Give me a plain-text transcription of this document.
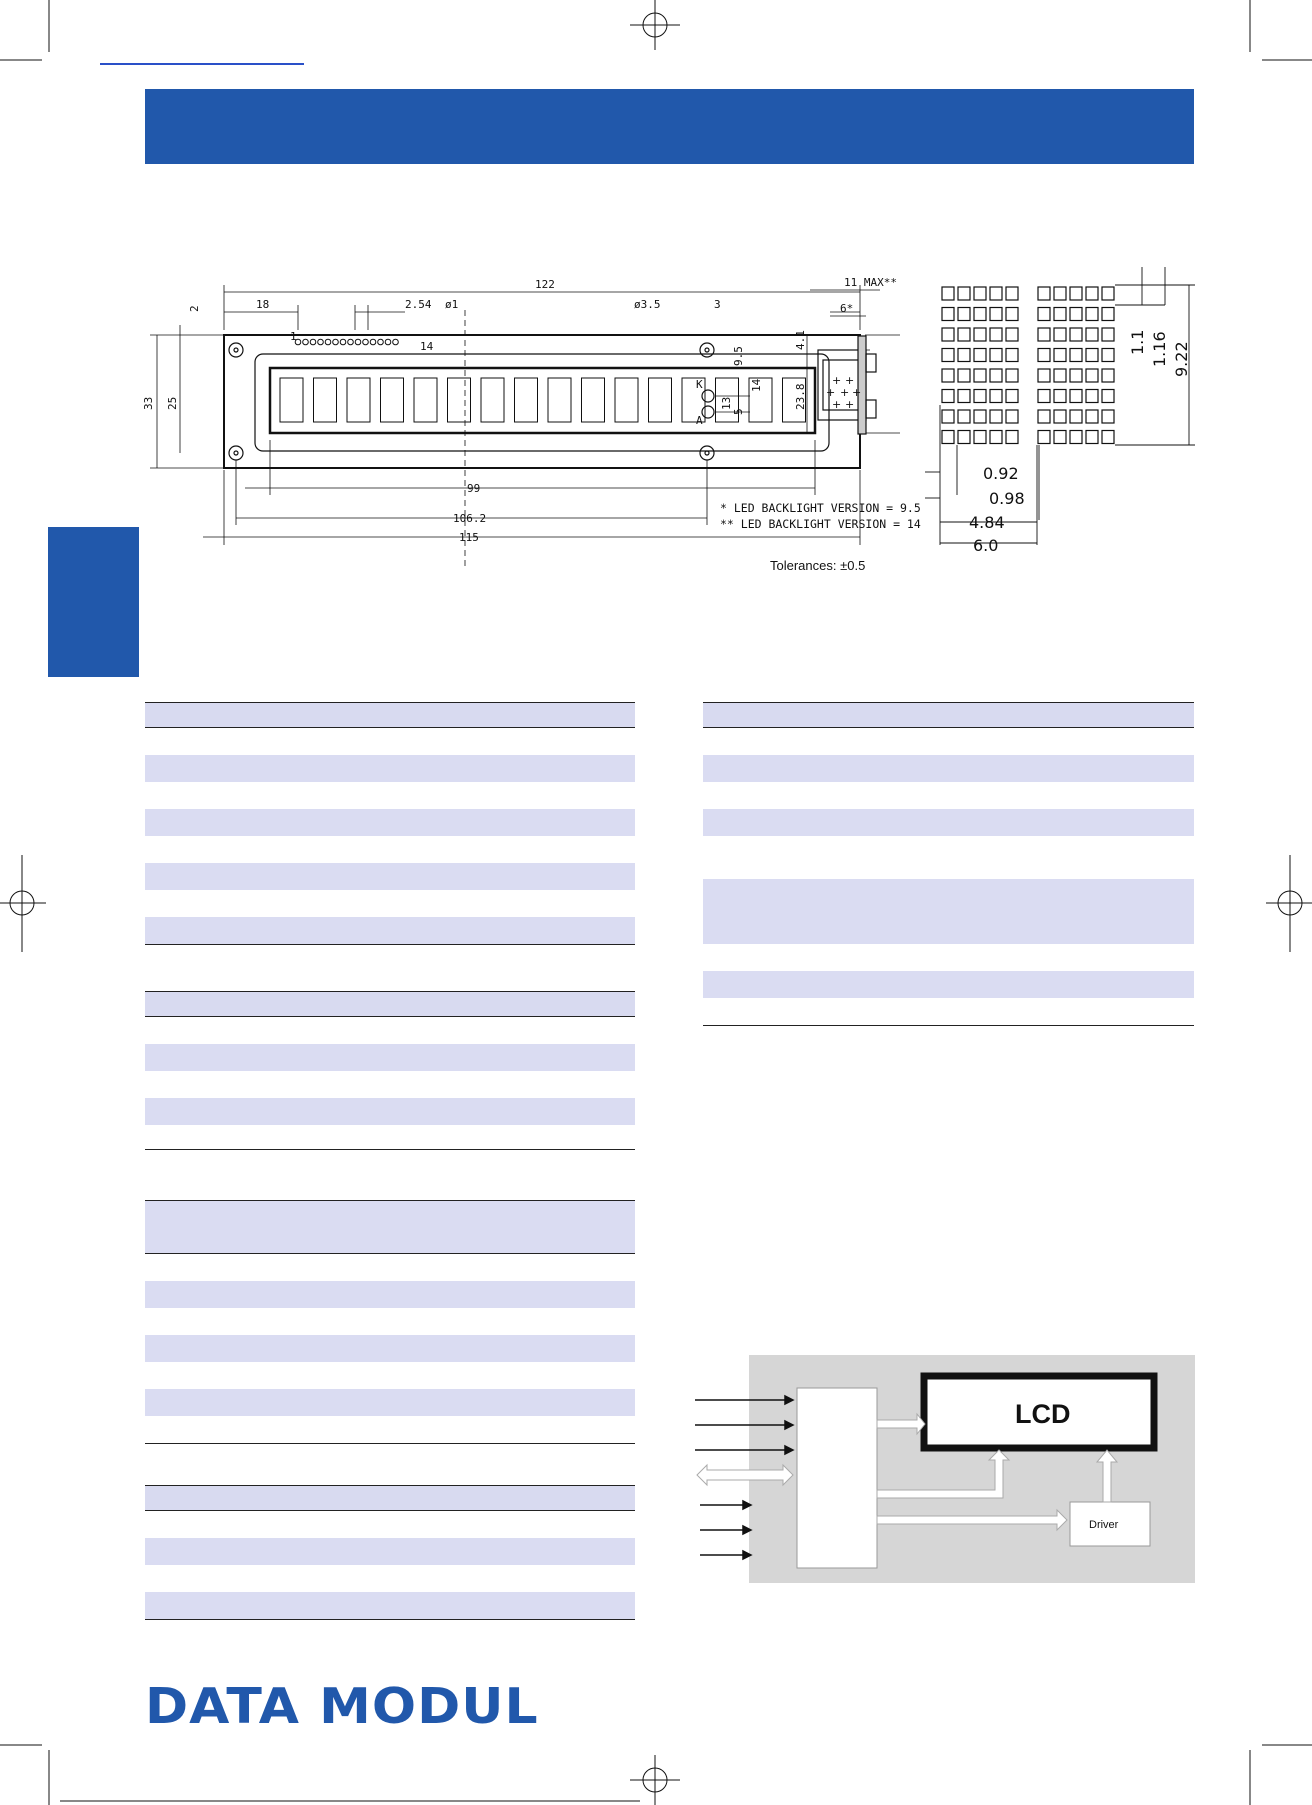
122
18	2.54 ø1	ø3.5	3
14
1
33 25
2
14
9.5
13
5
K
A
99
106.2
115
+ +
+ + +
+ +
11 MAX**
6*
4.1
23.8
* LED BACKLIGHT VERSION = 9.5
** LED BACKLIGHT VERSION = 14
Tolerances: ±0.5
1.1 1.16 9.22
0.92
0.98
4.84
6.0
LCD
Driver
DATA MODUL
